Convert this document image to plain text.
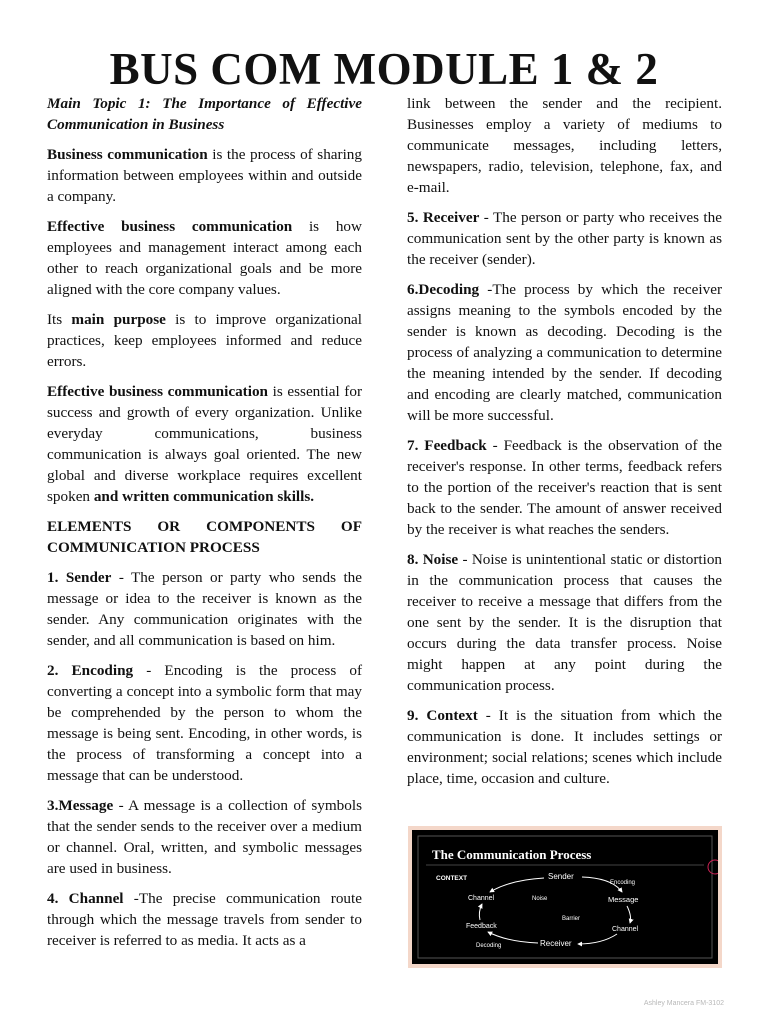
BUS COM MODULE 1 & 2

Main Topic 1: The Importance of Effective Communication in Business

Business communication is the process of sharing information between employees within and outside a company.

Effective business communication is how employees and management interact among each other to reach organizational goals and be more aligned with the core company values.

Its main purpose is to improve organizational practices, keep employees informed and reduce errors.

Effective business communication is essential for success and growth of every organization. Unlike everyday communications, business communication is always goal oriented. The new global and diverse workplace requires excellent spoken and written communication skills.

ELEMENTS OR COMPONENTS OF COMMUNICATION PROCESS

1. Sender - The person or party who sends the message or idea to the receiver is known as the sender. Any communication originates with the sender, and all communication is based on him.

2. Encoding - Encoding is the process of converting a concept into a symbolic form that may be comprehended by the person to whom the message is being sent. Encoding, in other words, is the process of transforming a concept into a message that can be understood.

3.Message - A message is a collection of symbols that the sender sends to the receiver over a medium or channel. Oral, written, and symbolic messages are used in business.

4. Channel -The precise communication route through which the message travels from sender to receiver is referred to as media. It acts as a

link between the sender and the recipient. Businesses employ a variety of mediums to communicate messages, including letters, newspapers, radio, television, telephone, fax, and e-mail.

5. Receiver - The person or party who receives the communication sent by the other party is known as the receiver (sender).

6.Decoding -The process by which the receiver assigns meaning to the symbols encoded by the sender is known as decoding. Decoding is the process of analyzing a communication to determine the meaning intended by the sender. If decoding and encoding are clearly matched, communication will be more successful.

7. Feedback - Feedback is the observation of the receiver's response. In other terms, feedback refers to the portion of the receiver's reaction that is sent back to the sender. The amount of answer received by the receiver is what reaches the senders.

8. Noise - Noise is unintentional static or distortion in the communication process that causes the receiver to receive a message that differs from the one sent by the sender. It is the disruption that occurs during the data transfer process. Noise might happen at any point during the communication process.

9. Context - It is the situation from which the communication is done. It includes settings or environment; social relations; scenes which include place, time, occasion and culture.

The Communication Process
CONTEXT	Sender
Encoding
Channel	Noise	Message
Barrier
Feedback	Channel
Decoding	Receiver
Ashley Mancera FM-3102
